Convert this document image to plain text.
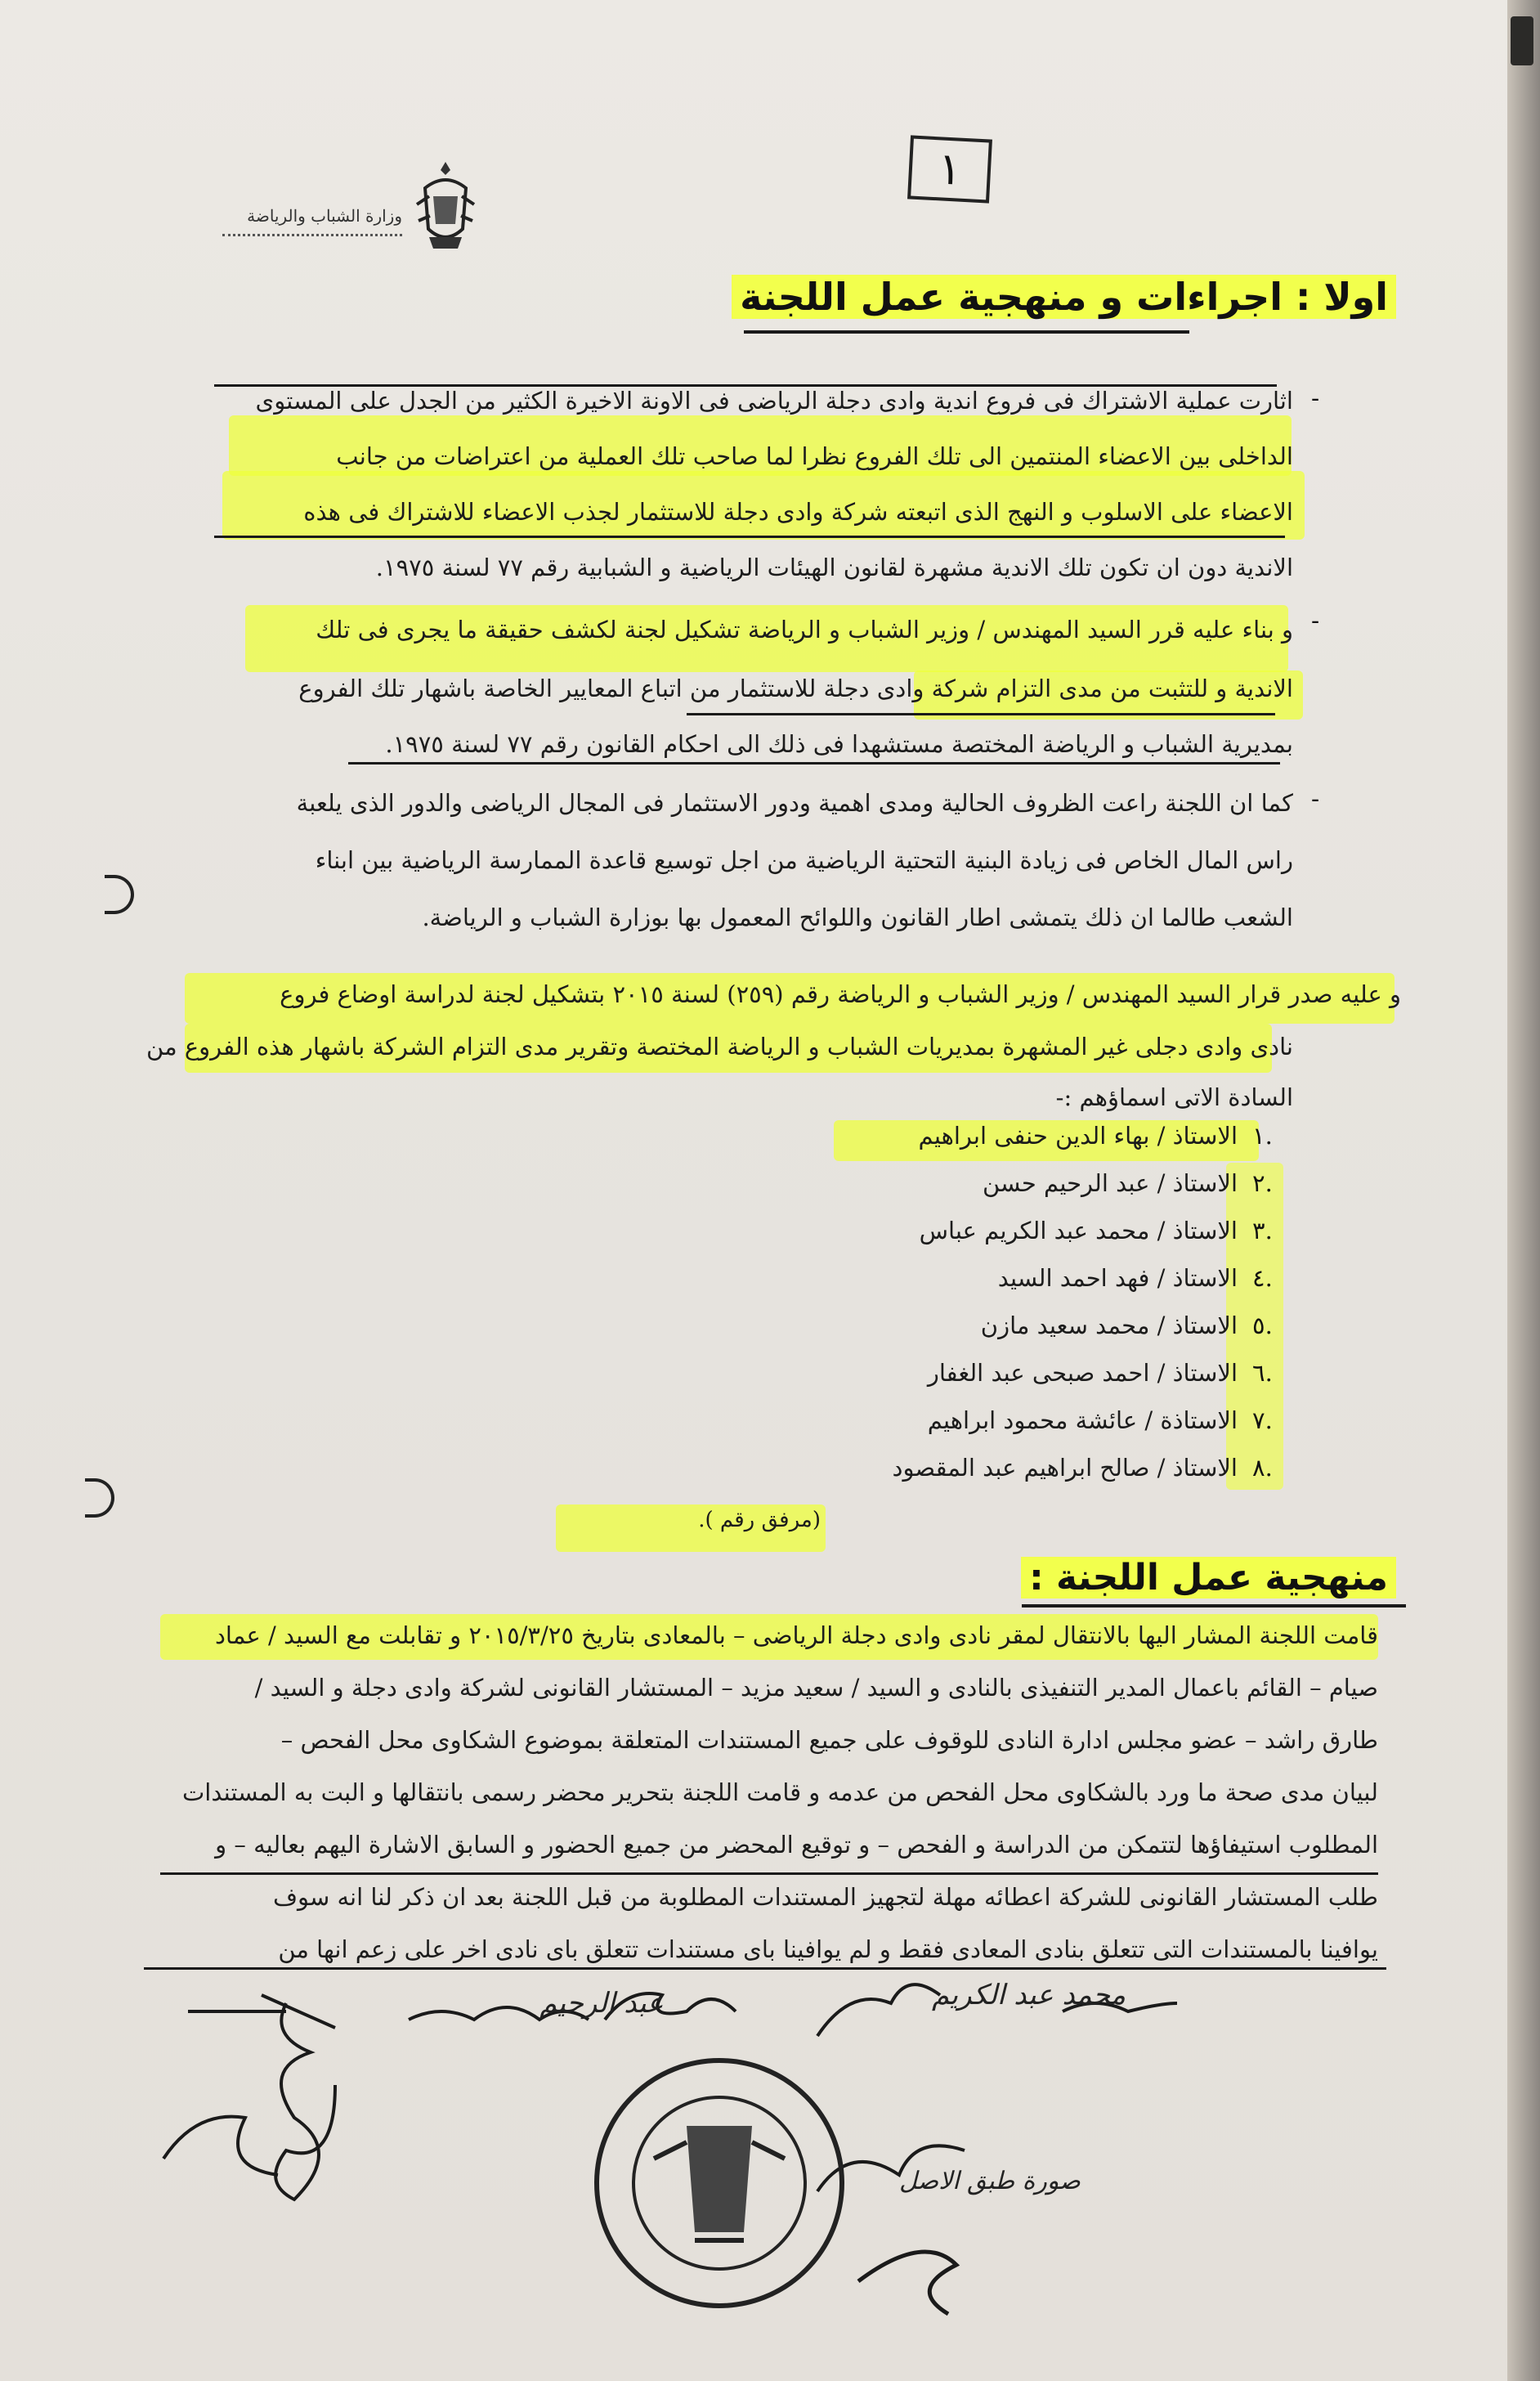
١
وزارة الشباب والرياضة
اولا : اجراءات و منهجية عمل اللجنة
-
اثارت عملية الاشتراك فى فروع اندية وادى دجلة الرياضى فى الاونة الاخيرة الكثير من الجدل على المستوى
الداخلى بين الاعضاء المنتمين الى تلك الفروع نظرا لما صاحب تلك العملية من اعتراضات من جانب
الاعضاء على الاسلوب و النهج الذى اتبعته شركة وادى دجلة للاستثمار لجذب الاعضاء للاشتراك فى هذه
الاندية دون ان تكون تلك الاندية مشهرة لقانون الهيئات الرياضية و الشبابية رقم ٧٧ لسنة ١٩٧٥.
-
و بناء عليه قرر السيد المهندس / وزير الشباب و الرياضة تشكيل لجنة لكشف حقيقة ما يجرى فى تلك
الاندية و للتثبت من مدى التزام شركة وادى دجلة للاستثمار من اتباع المعايير الخاصة باشهار تلك الفروع
بمديرية الشباب و الرياضة المختصة مستشهدا فى ذلك الى احكام القانون رقم ٧٧ لسنة ١٩٧٥.
-
كما ان اللجنة راعت الظروف الحالية ومدى اهمية ودور الاستثمار فى المجال الرياضى والدور الذى يلعبة
راس المال الخاص فى زيادة البنية التحتية الرياضية من اجل توسيع قاعدة الممارسة الرياضية بين ابناء
الشعب طالما ان ذلك يتمشى اطار القانون واللوائح المعمول بها بوزارة الشباب و الرياضة.
و عليه صدر قرار السيد المهندس / وزير الشباب و الرياضة رقم (٢٥٩) لسنة ٢٠١٥ بتشكيل لجنة لدراسة اوضاع فروع
نادى وادى دجلى غير المشهرة بمديريات الشباب و الرياضة المختصة وتقرير مدى التزام الشركة باشهار هذه الفروع من
السادة الاتى اسماؤهم :-
١.
الاستاذ / بهاء الدين حنفى ابراهيم
٢.
الاستاذ / عبد الرحيم حسن
٣.
الاستاذ / محمد عبد الكريم عباس
٤.
الاستاذ / فهد احمد السيد
٥.
الاستاذ / محمد سعيد مازن
٦.
الاستاذ / احمد صبحى عبد الغفار
٧.
الاستاذة / عائشة محمود ابراهيم
٨.
الاستاذ / صالح ابراهيم عبد المقصود
(مرفق رقم ).
منهجية عمل اللجنة :
قامت اللجنة المشار اليها بالانتقال لمقر نادى وادى دجلة الرياضى – بالمعادى بتاريخ ٢٠١٥/٣/٢٥ و تقابلت مع السيد / عماد
صيام – القائم باعمال المدير التنفيذى بالنادى و السيد / سعيد مزيد – المستشار القانونى لشركة وادى دجلة و السيد /
طارق راشد – عضو مجلس ادارة النادى للوقوف على جميع المستندات المتعلقة بموضوع الشكاوى محل الفحص –
لبيان مدى صحة ما ورد بالشكاوى محل الفحص من عدمه و قامت اللجنة بتحرير محضر رسمى بانتقالها و البت به المستندات
المطلوب استيفاؤها لتتمكن من الدراسة و الفحص – و توقيع المحضر من جميع الحضور و السابق الاشارة اليهم بعاليه – و
طلب المستشار القانونى للشركة اعطائه مهلة لتجهيز المستندات المطلوبة من قبل اللجنة بعد ان ذكر لنا انه سوف
يوافينا بالمستندات التى تتعلق بنادى المعادى فقط و لم يوافينا باى مستندات تتعلق باى نادى اخر على زعم انها من
محمد عبد الكريم
عبد الرحيم
صورة طبق الاصل
